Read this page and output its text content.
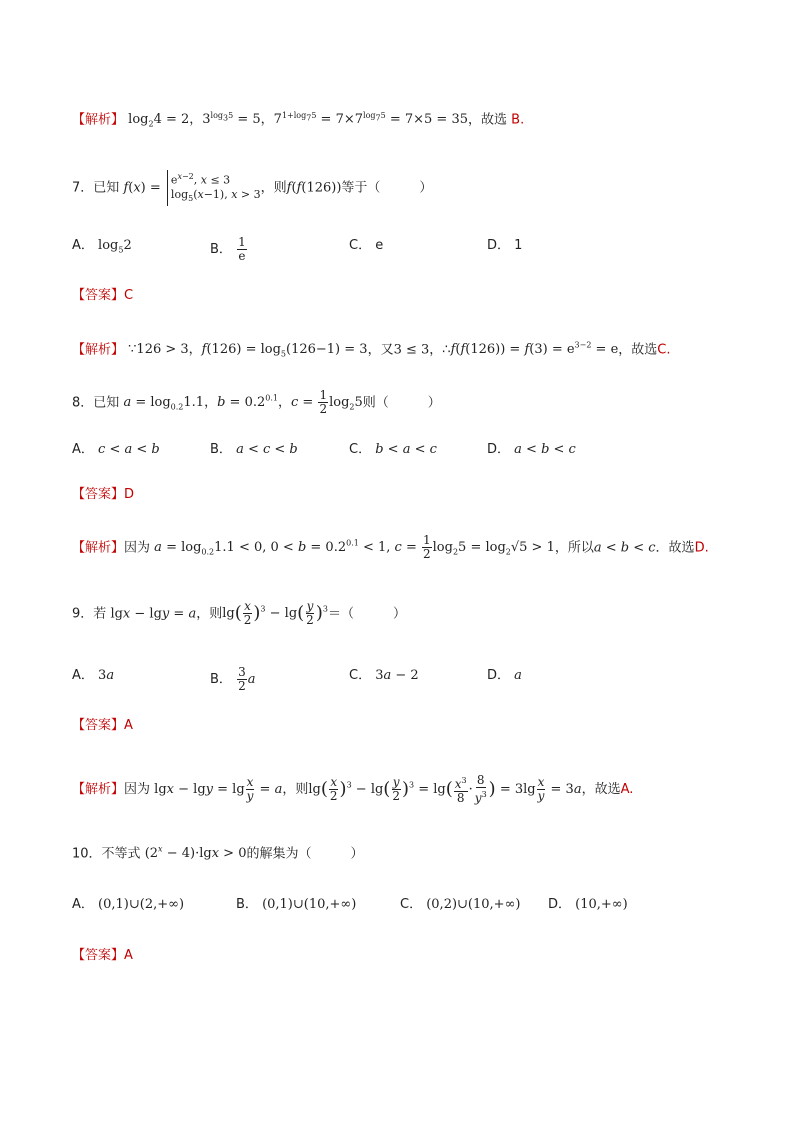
【解析】 $\log_24 = 2$，$3^{log_35} = 5$，$7^{1+log_75} = 7\times 7^{log_75} = 7\times 5 = 35$，故选 B.
7．已知 $f(x) = e^{x-2}$, x ≤ 3
$\log_5(x-1)$, x > 3，则f(f(126))等于（　　　）
A． $\log_52$	B． $\frac{1}{e}$	C． e	D． 1
【答案】C
【解析】 ∵126 > 3，$f(126) = \log_5(126-1) = 3$，又3 ≤ 3，∴f(f(126)) = $f(3) = e^{3-2} = e$，故选C.
8．已知 $a = \log_{0.2}1.1$，$b = 0.2^{0.1}$，$c = \frac{1}{2} \log_25$则（　　　）
A． c < a < b	B． a < c < b	C． b < a < c	D． a < b < c
【答案】D
【解析】因为 $a = \log_{0.2}1.1 < 0$, $0 < b = 0.2^{0.1} < 1$, $c = \frac{1}{2} \log_25 = \log_2√5 > 1$，所以a < b < c．故选D.
9．若 lgx − lgy = a，则$\lg( \frac{x}{2} )^3 - \lg( \frac{y}{2} )^3=$（　　　）
A． 3a	B． $\frac{3}{2}$ a	C． 3a − 2	D． a
【答案】A
【解析】因为 $\lg x - \lg y = \lg \frac{x}{y} = a$，则$\lg( \frac{x}{2} )^3 - \lg( \frac{y}{2} )^3 = \lg( \frac{x^3}{8} \cdot \frac{8}{y^3}$ ) = $3\lg \frac{x}{y} = 3a$，故选A.
10．不等式 $(2^x - 4)\cdot\lg x > 0$的解集为（　　　）
A． (0,1)∪(2,+∞)	B． (0,1)∪(10,+∞)	C． (0,2)∪(10,+∞) D． (10,+∞)
【答案】A
